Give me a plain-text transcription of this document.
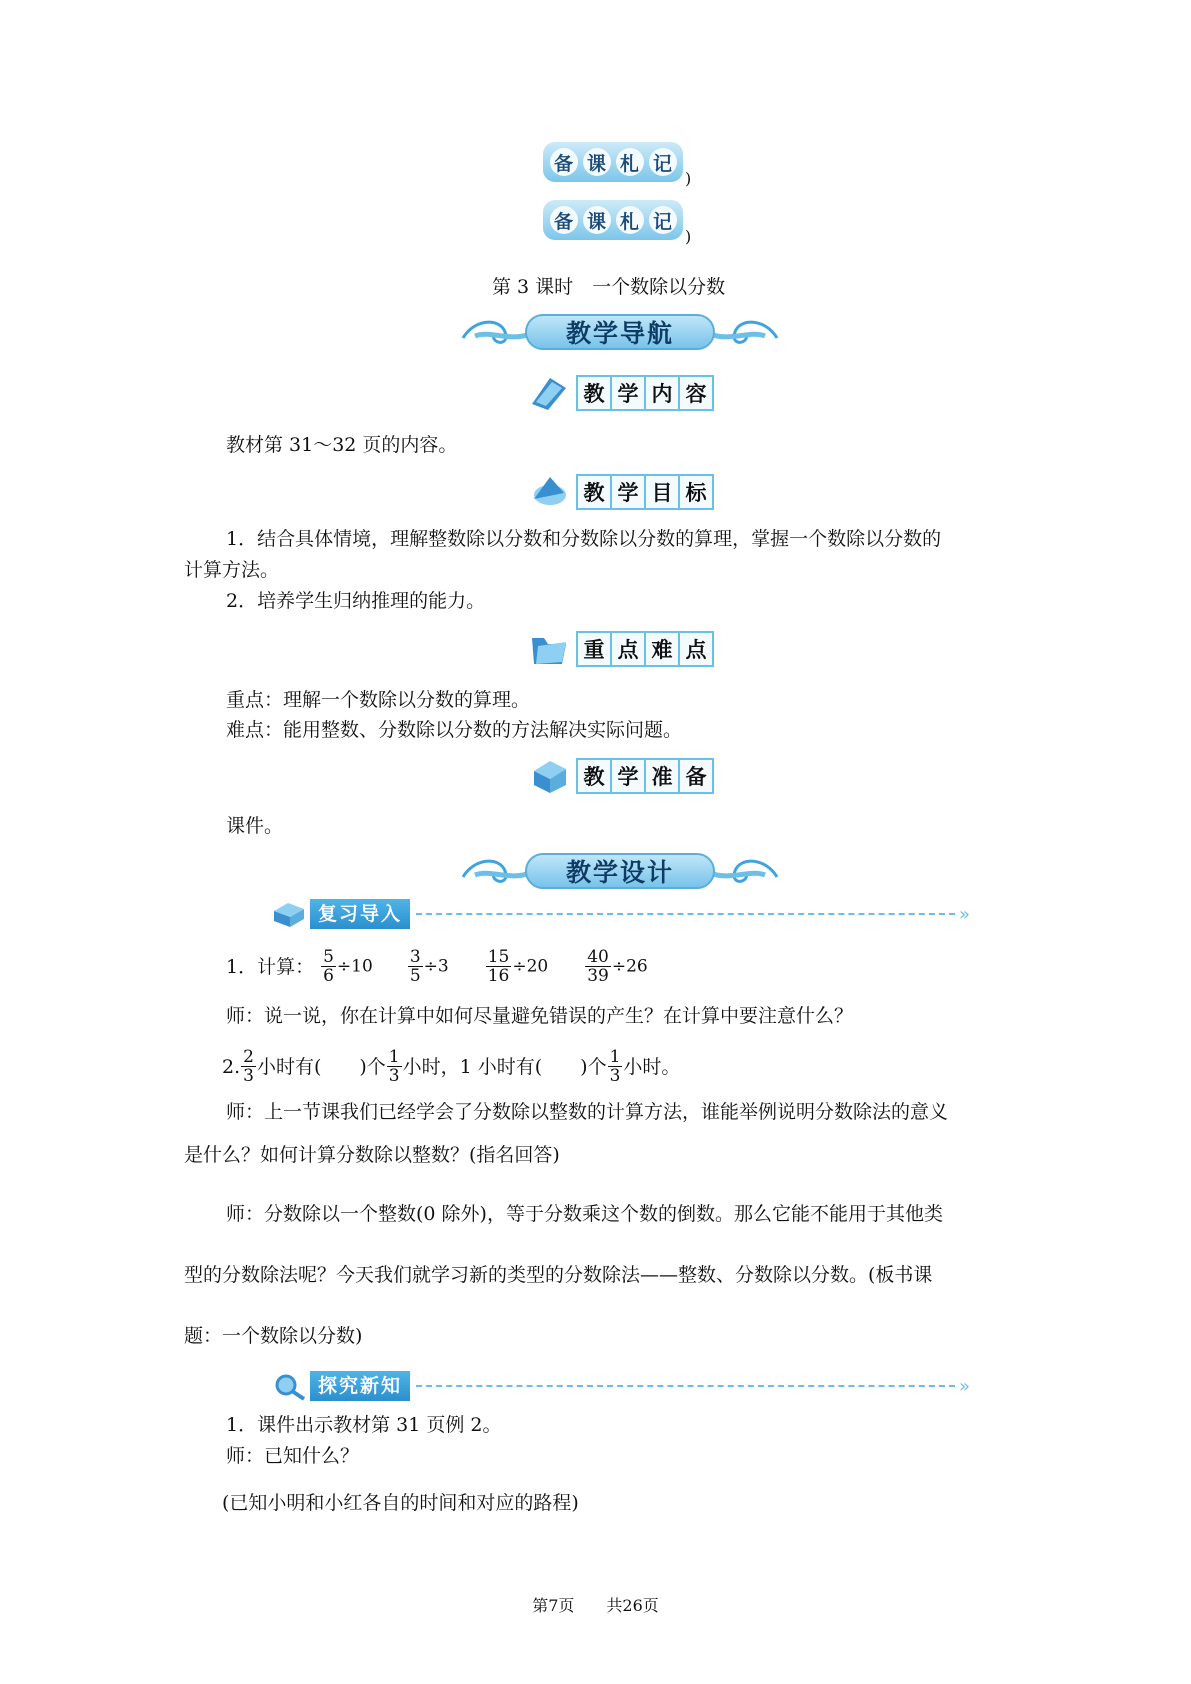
备 课 札 记
)
备 课 札 记
)
第 3 课时　一个数除以分数
教学导航
教 学 内 容
教材第 31～32 页的内容。
教 学 目 标
1．结合具体情境，理解整数除以分数和分数除以分数的算理，掌握一个数除以分数的
计算方法。
2．培养学生归纳推理的能力。
重 点 难 点
重点：理解一个数除以分数的算理。
难点：能用整数、分数除以分数的方法解决实际问题。
教 学 准 备
课件。
教学设计
复习导入	»
1．计算： $\frac{5}{6} \div 10 \frac{3}{5} \div 3 \frac{15}{16} \div 20 \frac{40}{39} \div 26$
师：说一说，你在计算中如何尽量避免错误的产生？在计算中要注意什么？
2. $\frac{2}{3}$ 小时有(　　)个 $\frac{1}{3}$ 小时，1 小时有(　　)个 $\frac{1}{3}$ 小时。
师：上一节课我们已经学会了分数除以整数的计算方法，谁能举例说明分数除法的意义
是什么？如何计算分数除以整数？(指名回答)
师：分数除以一个整数(0 除外)，等于分数乘这个数的倒数。那么它能不能用于其他类
型的分数除法呢？今天我们就学习新的类型的分数除法——整数、分数除以分数。(板书课
题：一个数除以分数)
探究新知	»
1．课件出示教材第 31 页例 2。
师：已知什么？
(已知小明和小红各自的时间和对应的路程)
第7页　　共26页
